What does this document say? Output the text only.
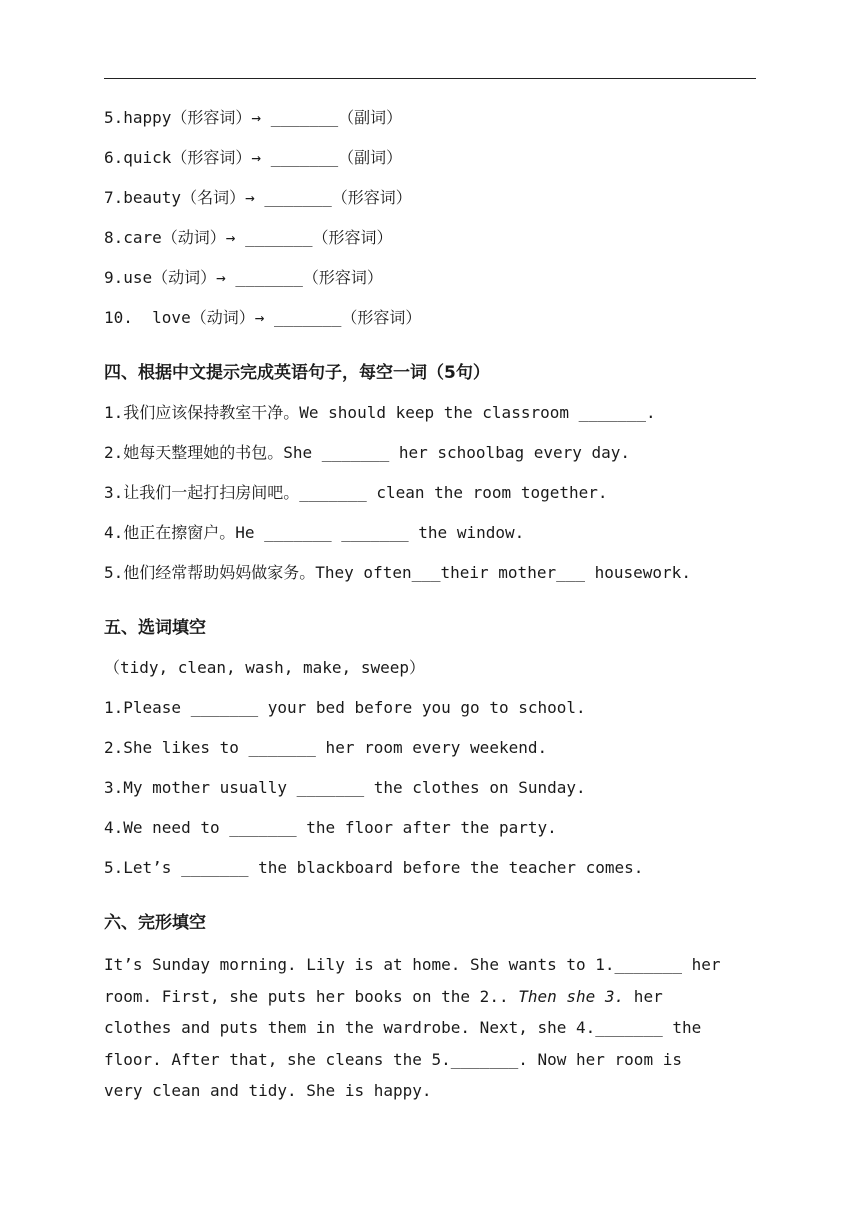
5.happy（形容词）→ _______（副词）
6.quick（形容词）→ _______（副词）
7.beauty（名词）→ _______（形容词）
8.care（动词）→ _______（形容词）
9.use（动词）→ _______（形容词）
10.  love（动词）→ _______（形容词）
四、根据中文提示完成英语句子，每空一词（5句）
1.我们应该保持教室干净。We should keep the classroom _______.
2.她每天整理她的书包。She _______ her schoolbag every day.
3.让我们一起打扫房间吧。_______ clean the room together.
4.他正在擦窗户。He _______ _______ the window.
5.他们经常帮助妈妈做家务。They often___their mother___ housework.
五、选词填空
（tidy, clean, wash, make, sweep）
1.Please _______ your bed before you go to school.
2.She likes to _______ her room every weekend.
3.My mother usually _______ the clothes on Sunday.
4.We need to _______ the floor after the party.
5.Let’s _______ the blackboard before the teacher comes.
六、完形填空
It’s Sunday morning. Lily is at home. She wants to 1._______ her
room. First, she puts her books on the 2.. Then she 3. her
clothes and puts them in the wardrobe. Next, she 4._______ the
floor. After that, she cleans the 5._______. Now her room is
very clean and tidy. She is happy.
